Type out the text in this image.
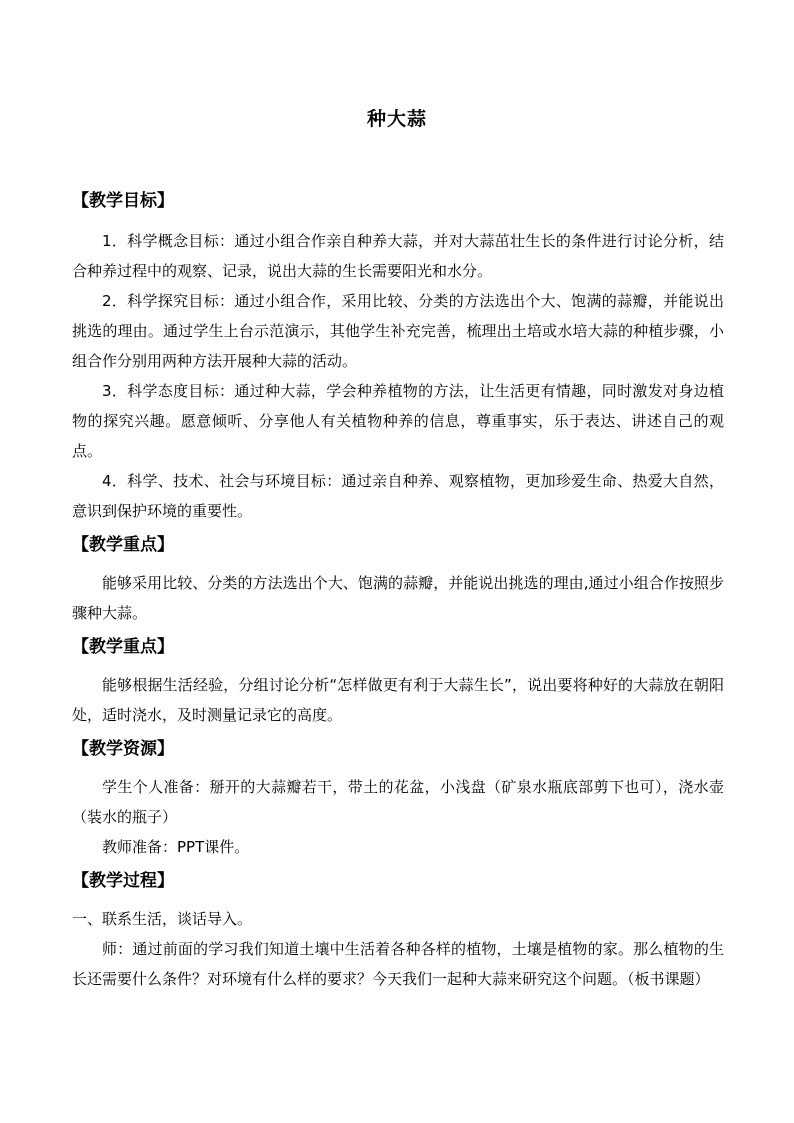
种大蒜
【教学目标】

1．科学概念目标：通过小组合作亲自种养大蒜，并对大蒜茁壮生长的条件进行讨论分析，结合种养过程中的观察、记录，说出大蒜的生长需要阳光和水分。

2．科学探究目标：通过小组合作，采用比较、分类的方法选出个大、饱满的蒜瓣，并能说出挑选的理由。通过学生上台示范演示，其他学生补充完善，梳理出土培或水培大蒜的种植步骤，小组合作分别用两种方法开展种大蒜的活动。

3．科学态度目标：通过种大蒜，学会种养植物的方法，让生活更有情趣，同时激发对身边植物的探究兴趣。愿意倾听、分享他人有关植物种养的信息，尊重事实，乐于表达、讲述自己的观点。

4．科学、技术、社会与环境目标：通过亲自种养、观察植物，更加珍爱生命、热爱大自然，意识到保护环境的重要性。

【教学重点】

能够采用比较、分类的方法选出个大、饱满的蒜瓣，并能说出挑选的理由,通过小组合作按照步骤种大蒜。

【教学重点】

能够根据生活经验，分组讨论分析“怎样做更有利于大蒜生长”，说出要将种好的大蒜放在朝阳处，适时浇水，及时测量记录它的高度。

【教学资源】

学生个人准备：掰开的大蒜瓣若干，带土的花盆，小浅盘（矿泉水瓶底部剪下也可），浇水壶（装水的瓶子）

教师准备：PPT课件。

【教学过程】

一、联系生活，谈话导入。

师：通过前面的学习我们知道土壤中生活着各种各样的植物，土壤是植物的家。那么植物的生长还需要什么条件？对环境有什么样的要求？今天我们一起种大蒜来研究这个问题。（板书课题）
